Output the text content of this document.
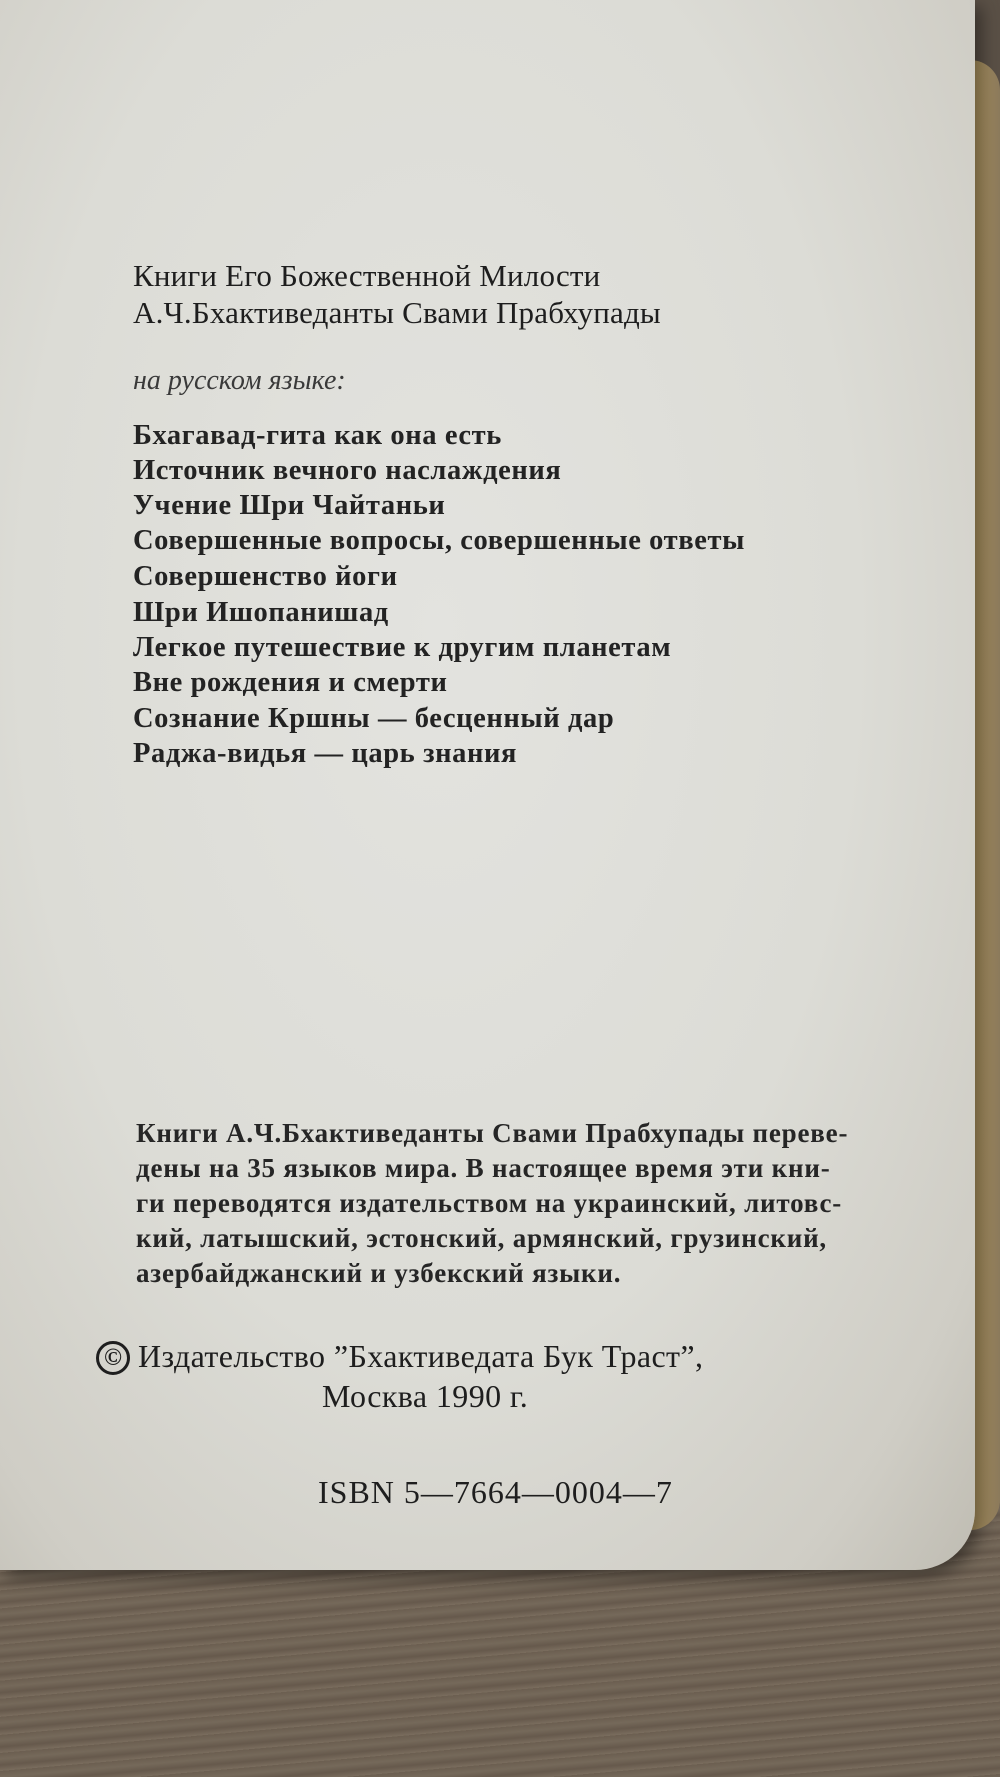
Книги Его Божественной Милости
А.Ч.Бхактиведанты Свами Прабхупады
на русском языке:
Бхагавад-гита как она есть
Источник вечного наслаждения
Учение Шри Чайтаньи
Совершенные вопросы, совершенные ответы
Совершенство йоги
Шри Ишопанишад
Легкое путешествие к другим планетам
Вне рождения и смерти
Сознание Кршны — бесценный дар
Раджа-видья — царь знания
Книги А.Ч.Бхактиведанты Свами Прабхупады переве-
дены на 35 языков мира. В настоящее время эти кни-
ги переводятся издательством на украинский, литовс-
кий, латышский, эстонский, армянский, грузинский,
азербайджанский и узбекский языки.
© Издательство ”Бхактиведата Бук Траст”,
Москва 1990 г.
ISBN 5—7664—0004—7
